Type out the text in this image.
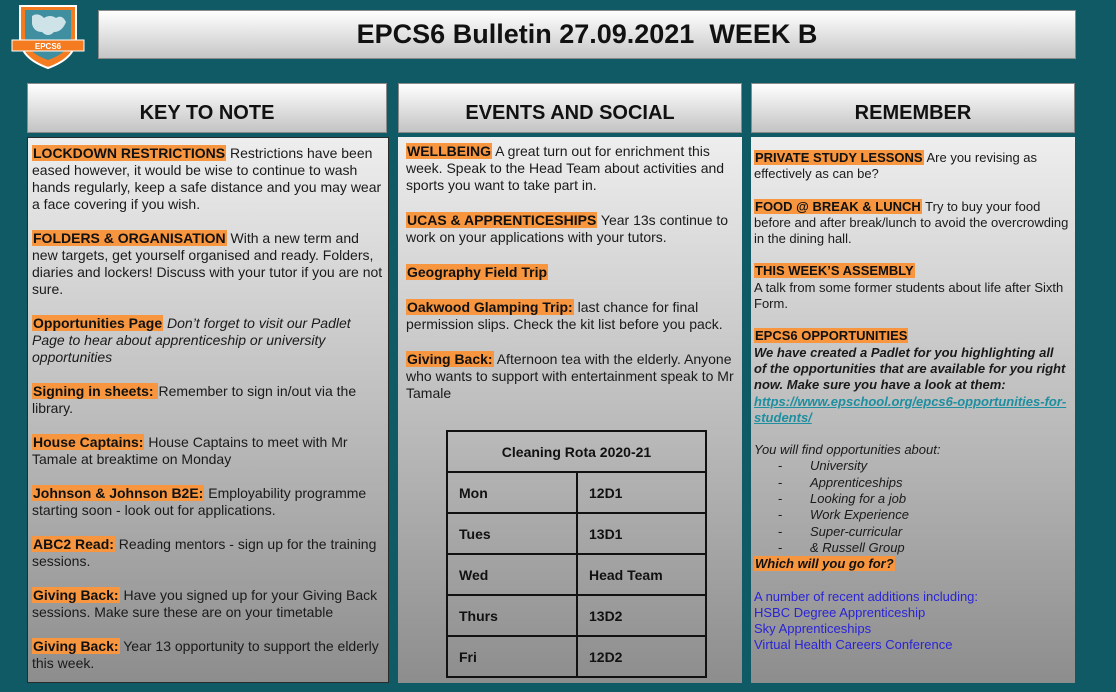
EPCS6	EPCS6 Bulletin 27.09.2021  WEEK B
KEY TO NOTE	EVENTS AND SOCIAL	REMEMBER

LOCKDOWN RESTRICTIONS Restrictions have been eased however, it would be wise to continue to wash hands regularly, keep a safe distance and you may wear a face covering if you wish.

FOLDERS & ORGANISATION With a new term and new targets, get yourself organised and ready. Folders, diaries and lockers! Discuss with your tutor if you are not sure.

Opportunities Page Don’t forget to visit our Padlet Page to hear about apprenticeship or university opportunities

Signing in sheets: Remember to sign in/out via the library.

House Captains: House Captains to meet with Mr Tamale at breaktime on Monday

Johnson & Johnson B2E: Employability programme starting soon - look out for applications.

ABC2 Read: Reading mentors - sign up for the training sessions.

Giving Back: Have you signed up for your Giving Back sessions. Make sure these are on your timetable

Giving Back: Year 13 opportunity to support the elderly this week.

WELLBEING A great turn out for enrichment this week. Speak to the Head Team about activities and sports you want to take part in.

UCAS & APPRENTICESHIPS Year 13s continue to work on your applications with your tutors.

Geography Field Trip

Oakwood Glamping Trip: last chance for final permission slips. Check the kit list before you pack.

Giving Back: Afternoon tea with the elderly. Anyone who wants to support with entertainment speak to Mr Tamale

Cleaning Rota 2020-21	
Mon	12D1
Tues	13D1
Wed	Head Team
Thurs	13D2
Fri	12D2

PRIVATE STUDY LESSONS Are you revising as effectively as can be?

FOOD @ BREAK & LUNCH Try to buy your food before and after break/lunch to avoid the overcrowding in the dining hall.

THIS WEEK’S ASSEMBLY
A talk from some former students about life after Sixth Form.

EPCS6 OPPORTUNITIES
We have created a Padlet for you highlighting all of the opportunities that are available for you right now. Make sure you have a look at them:
https://www.epschool.org/epcs6-opportunities-for-students/
You will find opportunities about:
- University
- Apprenticeships
- Looking for a job
- Work Experience
- Super-curricular
- & Russell Group
Which will you go for?
A number of recent additions including:
HSBC Degree Apprenticeship
Sky Apprenticeships
Virtual Health Careers Conference
